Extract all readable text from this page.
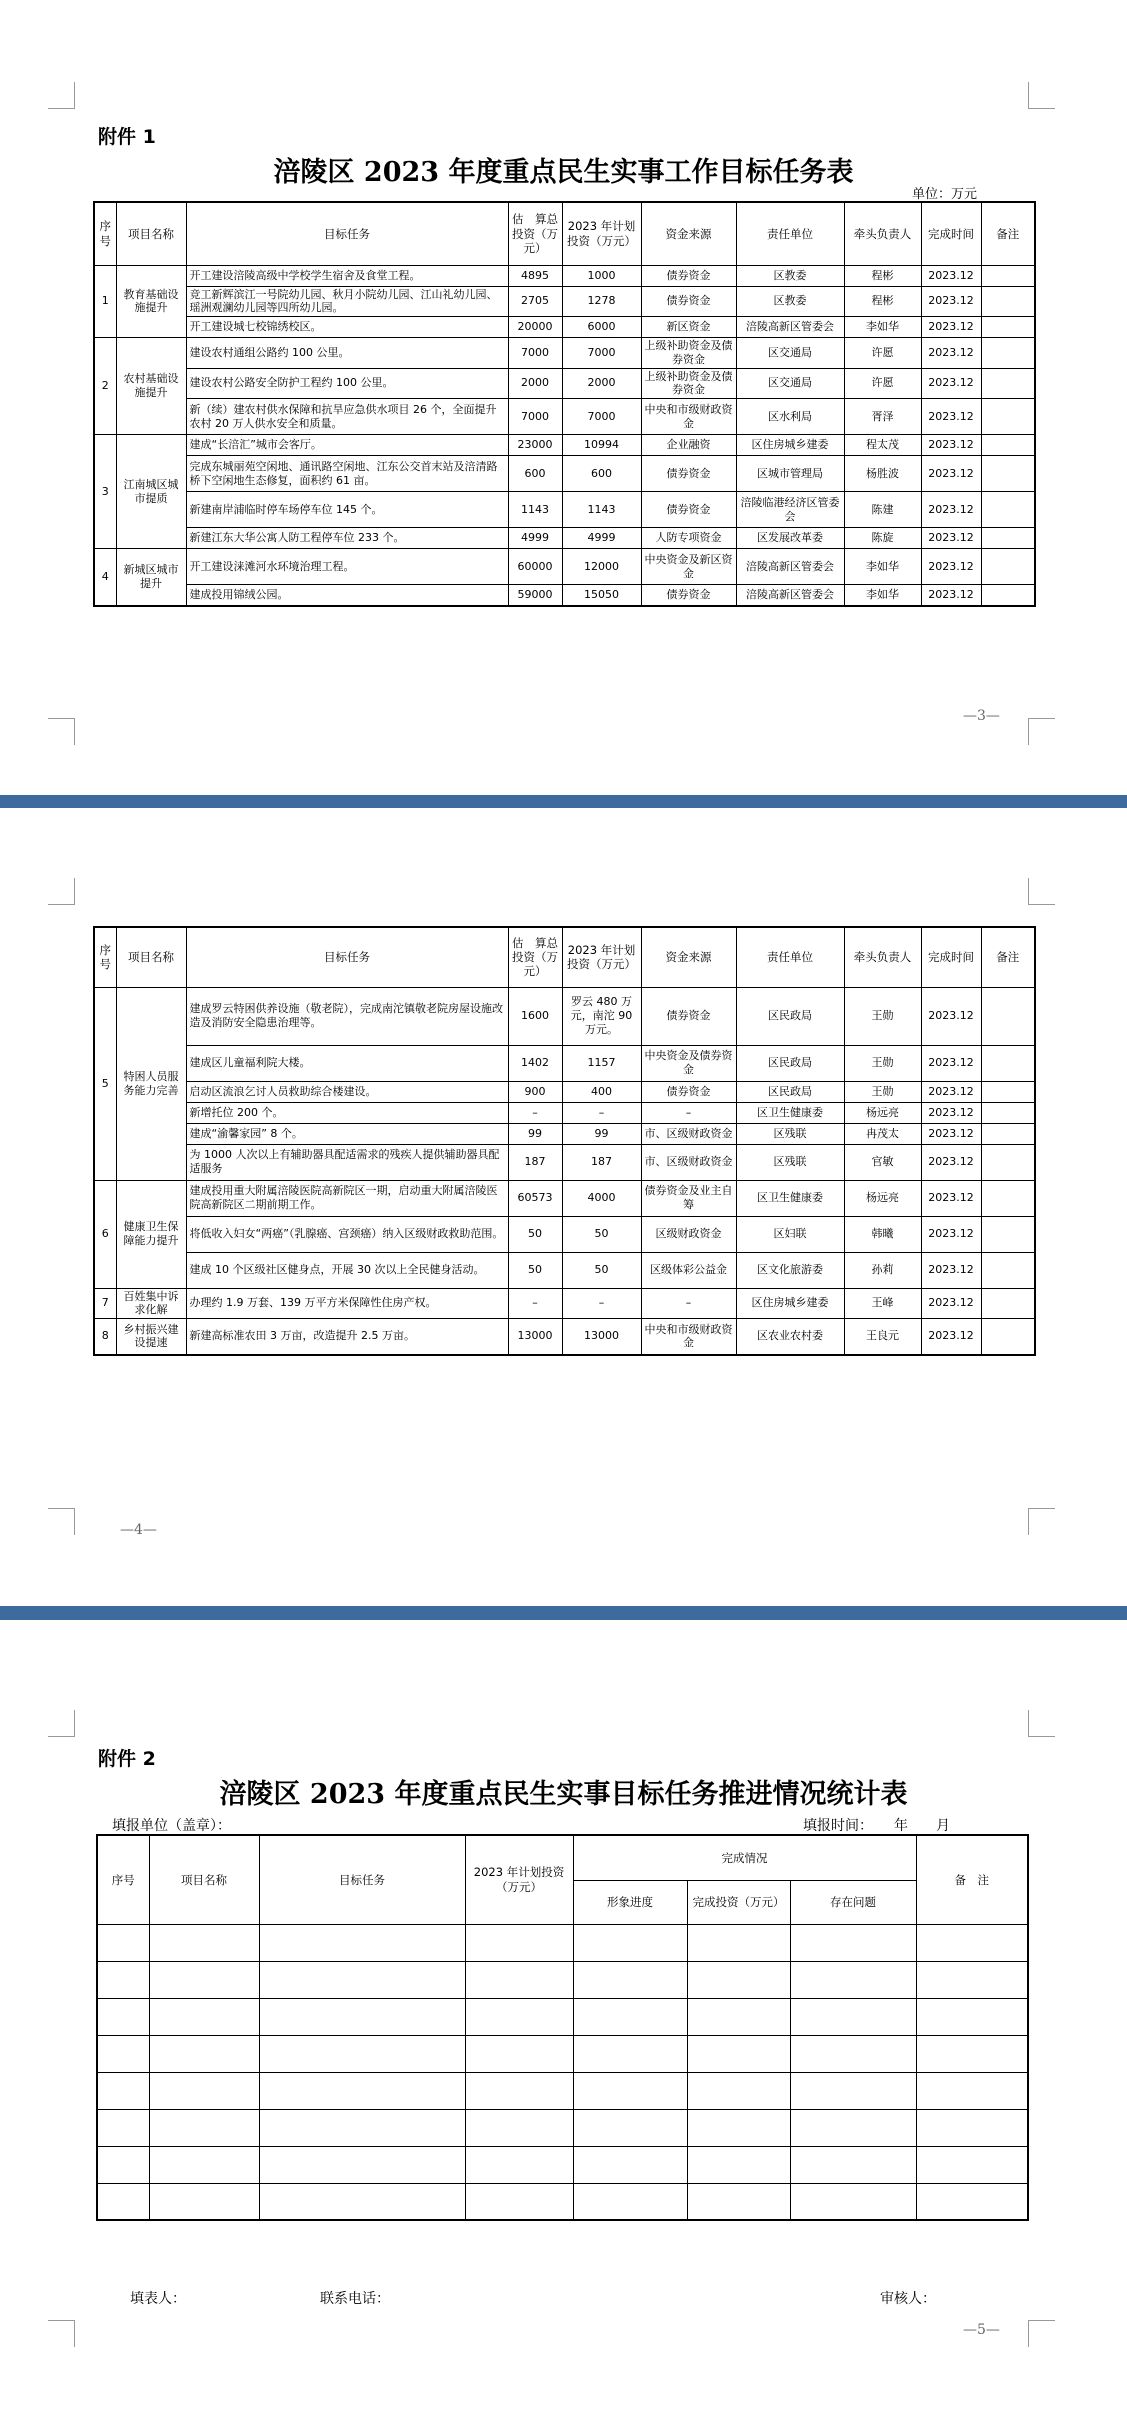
附件 1
涪陵区 2023 年度重点民生实事工作目标任务表
单位：万元
序号	项目名称	目标任务	估　算总投资（万元）	2023 年计划投资（万元）	资金来源	责任单位	牵头负责人	完成时间	备注
1	教育基础设施提升	开工建设涪陵高级中学校学生宿舍及食堂工程。	4895	1000	债券资金	区教委	程彬	2023.12	
		竞工新辉滨江一号院幼儿园、秋月小院幼儿园、江山礼幼儿园、瑶洲观澜幼儿园等四所幼儿园。	2705	1278	债券资金	区教委	程彬	2023.12	
		开工建设城七校锦绣校区。	20000	6000	新区资金	涪陵高新区管委会	李如华	2023.12	
2	农村基础设施提升	建设农村通组公路约 100 公里。	7000	7000	上级补助资金及债券资金	区交通局	许愿	2023.12	
		建设农村公路安全防护工程约 100 公里。	2000	2000	上级补助资金及债券资金	区交通局	许愿	2023.12	
		新（续）建农村供水保障和抗旱应急供水项目 26 个，全面提升农村 20 万人供水安全和质量。	7000	7000	中央和市级财政资金	区水利局	胥泽	2023.12	
3	江南城区城市提质	建成“长涪汇”城市会客厅。	23000	10994	企业融资	区住房城乡建委	程太茂	2023.12	
		完成东城丽苑空闲地、通讯路空闲地、江东公交首末站及涪清路桥下空闲地生态修复，面积约 61 亩。	600	600	债券资金	区城市管理局	杨胜波	2023.12	
		新建南岸浦临时停车场停车位 145 个。	1143	1143	债券资金	涪陵临港经济区管委会	陈建	2023.12	
		新建江东大华公寓人防工程停车位 233 个。	4999	4999	人防专项资金	区发展改革委	陈旋	2023.12	
4	新城区城市提升	开工建设涞滩河水环境治理工程。	60000	12000	中央资金及新区资金	涪陵高新区管委会	李如华	2023.12	
		建成投用锦绒公园。	59000	15050	债券资金	涪陵高新区管委会	李如华	2023.12	
—3—
序号	项目名称	目标任务	估　算总投资（万元）	2023 年计划投资（万元）	资金来源	责任单位	牵头负责人	完成时间	备注
5	特困人员服务能力完善	建成罗云特困供养设施（敬老院），完成南沱镇敬老院房屋设施改造及消防安全隐患治理等。	1600	罗云 480 万元，南沱 90 万元。	债券资金	区民政局	王勋	2023.12	
		建成区儿童福利院大楼。	1402	1157	中央资金及债券资金	区民政局	王勋	2023.12	
		启动区流浪乞讨人员救助综合楼建设。	900	400	债券资金	区民政局	王勋	2023.12	
		新增托位 200 个。	–	–	–	区卫生健康委	杨远亮	2023.12	
		建成“渝馨家园” 8 个。	99	99	市、区级财政资金	区残联	冉茂太	2023.12	
		为 1000 人次以上有辅助器具配适需求的残疾人提供辅助器具配适服务	187	187	市、区级财政资金	区残联	官敏	2023.12	
6	健康卫生保障能力提升	建成投用重大附属涪陵医院高新院区一期，启动重大附属涪陵医院高新院区二期前期工作。	60573	4000	债券资金及业主自筹	区卫生健康委	杨远亮	2023.12	
		将低收入妇女“两癌”（乳腺癌、宫颈癌）纳入区级财政救助范围。	50	50	区级财政资金	区妇联	韩曦	2023.12	
		建成 10 个区级社区健身点，开展 30 次以上全民健身活动。	50	50	区级体彩公益金	区文化旅游委	孙莉	2023.12	
7	百姓集中诉求化解	办理约 1.9 万套、139 万平方米保障性住房产权。	–	–	–	区住房城乡建委	王峰	2023.12	
8	乡村振兴建设提速	新建高标准农田 3 万亩，改造提升 2.5 万亩。	13000	13000	中央和市级财政资金	区农业农村委	王良元	2023.12	
—4—
附件 2
涪陵区 2023 年度重点民生实事目标任务推进情况统计表
填报单位（盖章）：	填报时间：　　年　　月
序号	项目名称	目标任务	2023 年计划投资（万元）	完成情况			备　注
				形象进度	完成投资（万元）	存在问题	

填表人：	联系电话：	审核人：
—5—
